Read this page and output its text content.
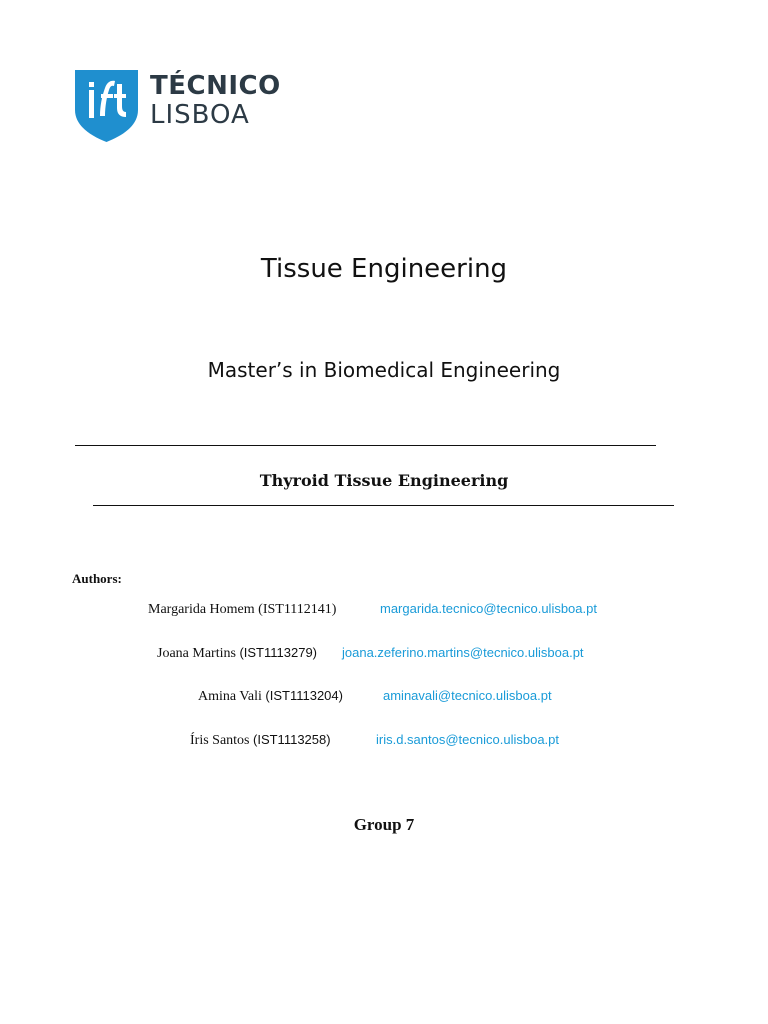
TÉCNICO
LISBOA
Tissue Engineering
Master’s in Biomedical Engineering
Thyroid Tissue Engineering
Authors:
Margarida Homem (IST1112141)	margarida.tecnico@tecnico.ulisboa.pt
Joana Martins (IST1113279) joana.zeferino.martins@tecnico.ulisboa.pt
Amina Vali (IST1113204)	aminavali@tecnico.ulisboa.pt
Íris Santos (IST1113258)	iris.d.santos@tecnico.ulisboa.pt
Group 7
